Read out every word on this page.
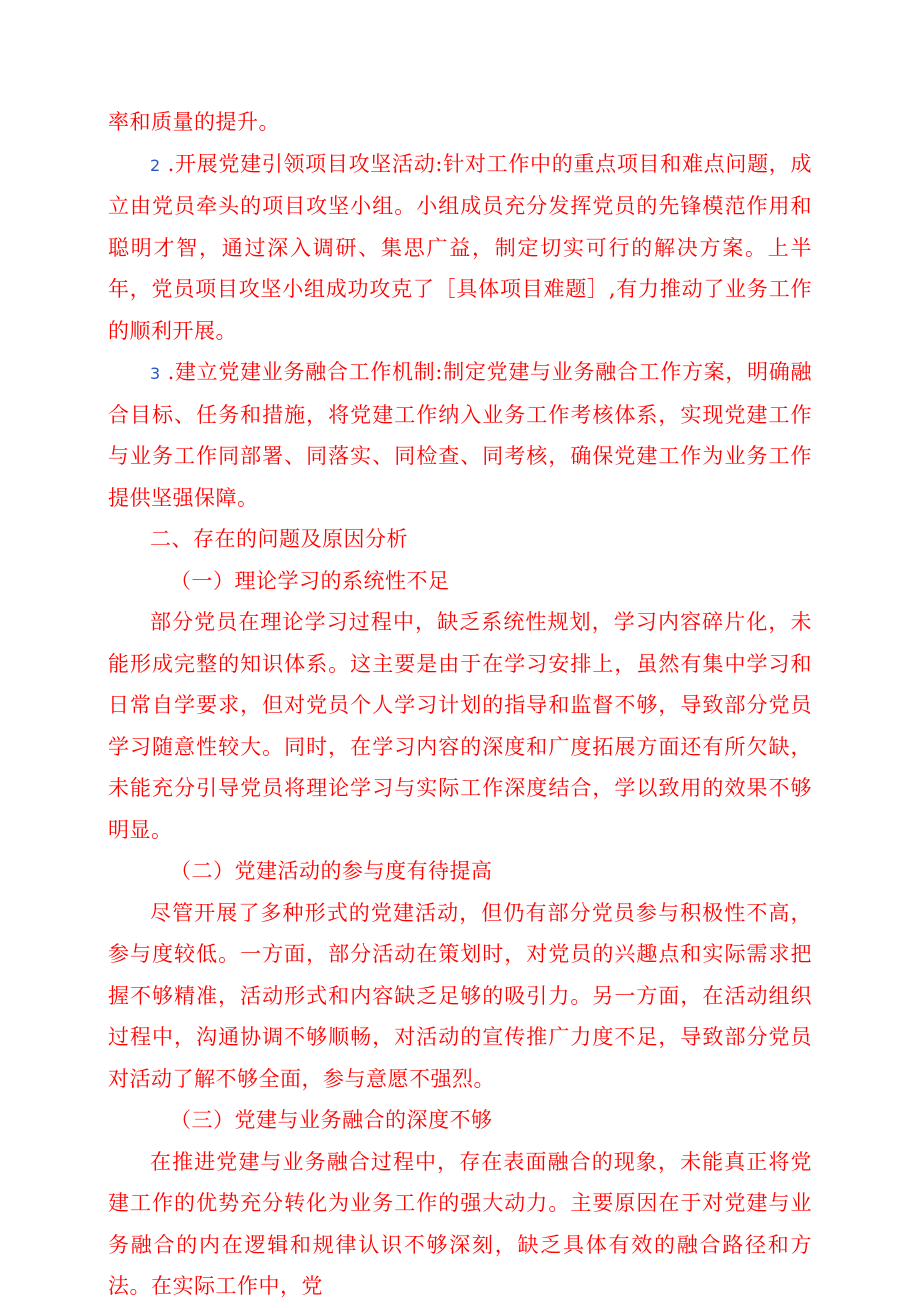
率和质量的提升。

2 .开展党建引领项目攻坚活动:针对工作中的重点项目和难点问题，成立由党员牵头的项目攻坚小组。小组成员充分发挥党员的先锋模范作用和聪明才智，通过深入调研、集思广益，制定切实可行的解决方案。上半年，党员项目攻坚小组成功攻克了［具体项目难题］,有力推动了业务工作的顺利开展。

3 .建立党建业务融合工作机制:制定党建与业务融合工作方案，明确融合目标、任务和措施，将党建工作纳入业务工作考核体系，实现党建工作与业务工作同部署、同落实、同检查、同考核，确保党建工作为业务工作提供坚强保障。

二、存在的问题及原因分析

（一）理论学习的系统性不足

部分党员在理论学习过程中，缺乏系统性规划，学习内容碎片化，未能形成完整的知识体系。这主要是由于在学习安排上，虽然有集中学习和日常自学要求，但对党员个人学习计划的指导和监督不够，导致部分党员学习随意性较大。同时，在学习内容的深度和广度拓展方面还有所欠缺，未能充分引导党员将理论学习与实际工作深度结合，学以致用的效果不够明显。

（二）党建活动的参与度有待提高

尽管开展了多种形式的党建活动，但仍有部分党员参与积极性不高，参与度较低。一方面，部分活动在策划时，对党员的兴趣点和实际需求把握不够精准，活动形式和内容缺乏足够的吸引力。另一方面，在活动组织过程中，沟通协调不够顺畅，对活动的宣传推广力度不足，导致部分党员对活动了解不够全面，参与意愿不强烈。

（三）党建与业务融合的深度不够

在推进党建与业务融合过程中，存在表面融合的现象，未能真正将党建工作的优势充分转化为业务工作的强大动力。主要原因在于对党建与业务融合的内在逻辑和规律认识不够深刻，缺乏具体有效的融合路径和方法。在实际工作中，党
